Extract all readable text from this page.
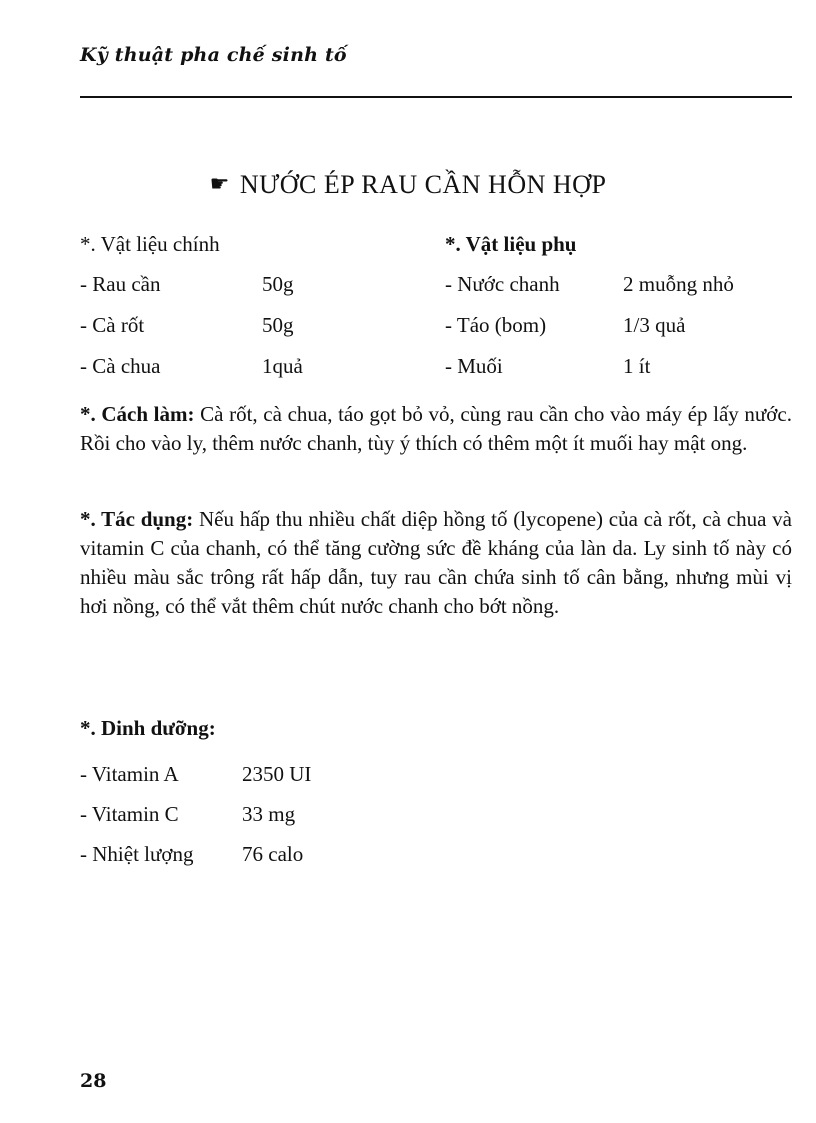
Kỹ thuật pha chế sinh tố
☛ NƯỚC ÉP RAU CẦN HỖN HỢP
*. Vật liệu chính
- Rau cần	50g
- Cà rốt	50g
- Cà chua	1quả
*. Vật liệu phụ
- Nước chanh	2 muỗng nhỏ
- Táo (bom)	1/3 quả
- Muối	1 ít

*. Cách làm: Cà rốt, cà chua, táo gọt bỏ vỏ, cùng rau cần cho vào máy ép lấy nước. Rồi cho vào ly, thêm nước chanh, tùy ý thích có thêm một ít muối hay mật ong.

*. Tác dụng: Nếu hấp thu nhiều chất diệp hồng tố (lycopene) của cà rốt, cà chua và vitamin C của chanh, có thể tăng cường sức đề kháng của làn da. Ly sinh tố này có nhiều màu sắc trông rất hấp dẫn, tuy rau cần chứa sinh tố cân bằng, nhưng mùi vị hơi nồng, có thể vắt thêm chút nước chanh cho bớt nồng.

*. Dinh dưỡng:
- Vitamin A	2350 UI
- Vitamin C	33 mg
- Nhiệt lượng	76 calo
28
